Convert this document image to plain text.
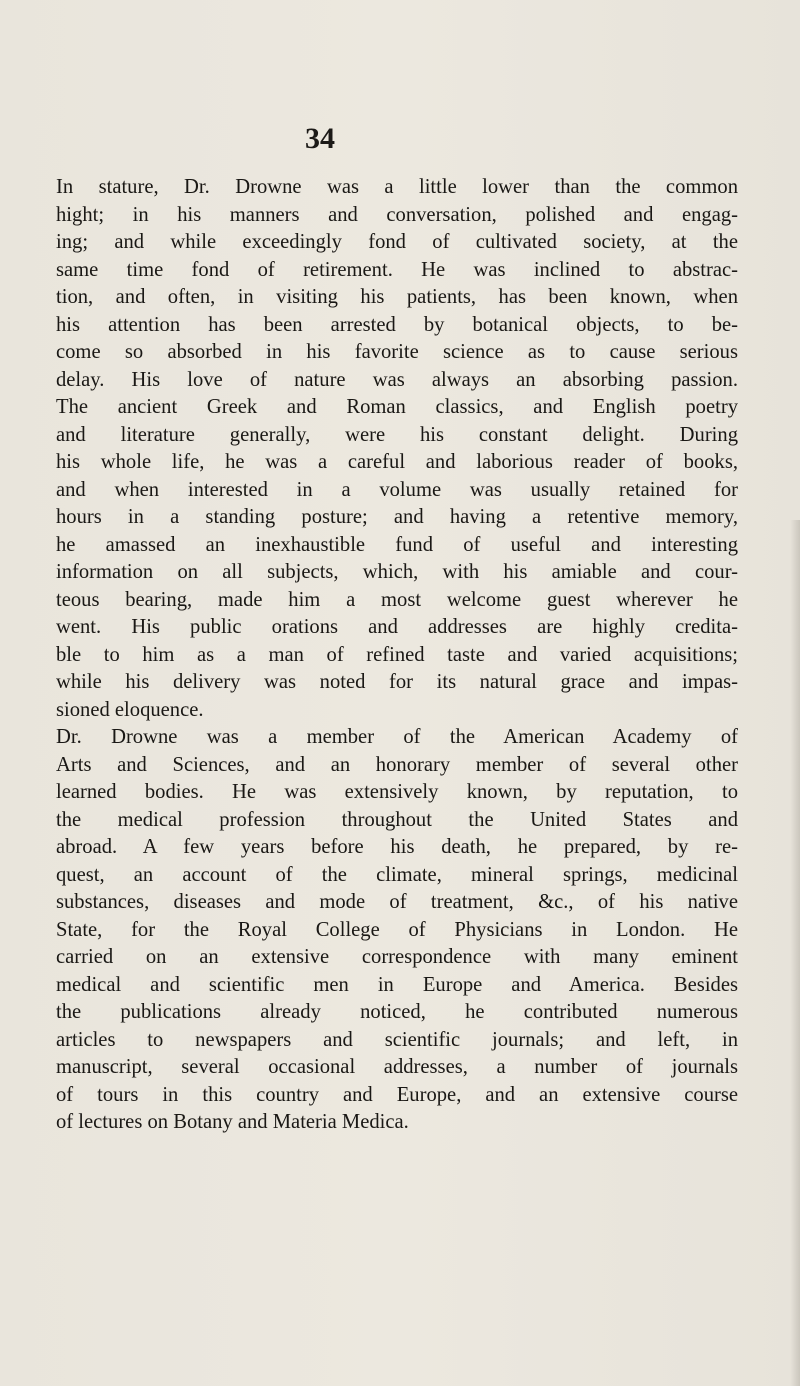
34
In stature, Dr. Drowne was a little lower than the common
hight; in his manners and conversation, polished and engag-
ing; and while exceedingly fond of cultivated society, at the
same time fond of retirement. He was inclined to abstrac-
tion, and often, in visiting his patients, has been known, when
his attention has been arrested by botanical objects, to be-
come so absorbed in his favorite science as to cause serious
delay. His love of nature was always an absorbing passion.
The ancient Greek and Roman classics, and English poetry
and literature generally, were his constant delight. During
his whole life, he was a careful and laborious reader of books,
and when interested in a volume was usually retained for
hours in a standing posture; and having a retentive memory,
he amassed an inexhaustible fund of useful and interesting
information on all subjects, which, with his amiable and cour-
teous bearing, made him a most welcome guest wherever he
went. His public orations and addresses are highly credita-
ble to him as a man of refined taste and varied acquisitions;
while his delivery was noted for its natural grace and impas-
sioned eloquence.
Dr. Drowne was a member of the American Academy of
Arts and Sciences, and an honorary member of several other
learned bodies. He was extensively known, by reputation, to
the medical profession throughout the United States and
abroad. A few years before his death, he prepared, by re-
quest, an account of the climate, mineral springs, medicinal
substances, diseases and mode of treatment, &c., of his native
State, for the Royal College of Physicians in London. He
carried on an extensive correspondence with many eminent
medical and scientific men in Europe and America. Besides
the publications already noticed, he contributed numerous
articles to newspapers and scientific journals; and left, in
manuscript, several occasional addresses, a number of journals
of tours in this country and Europe, and an extensive course
of lectures on Botany and Materia Medica.
